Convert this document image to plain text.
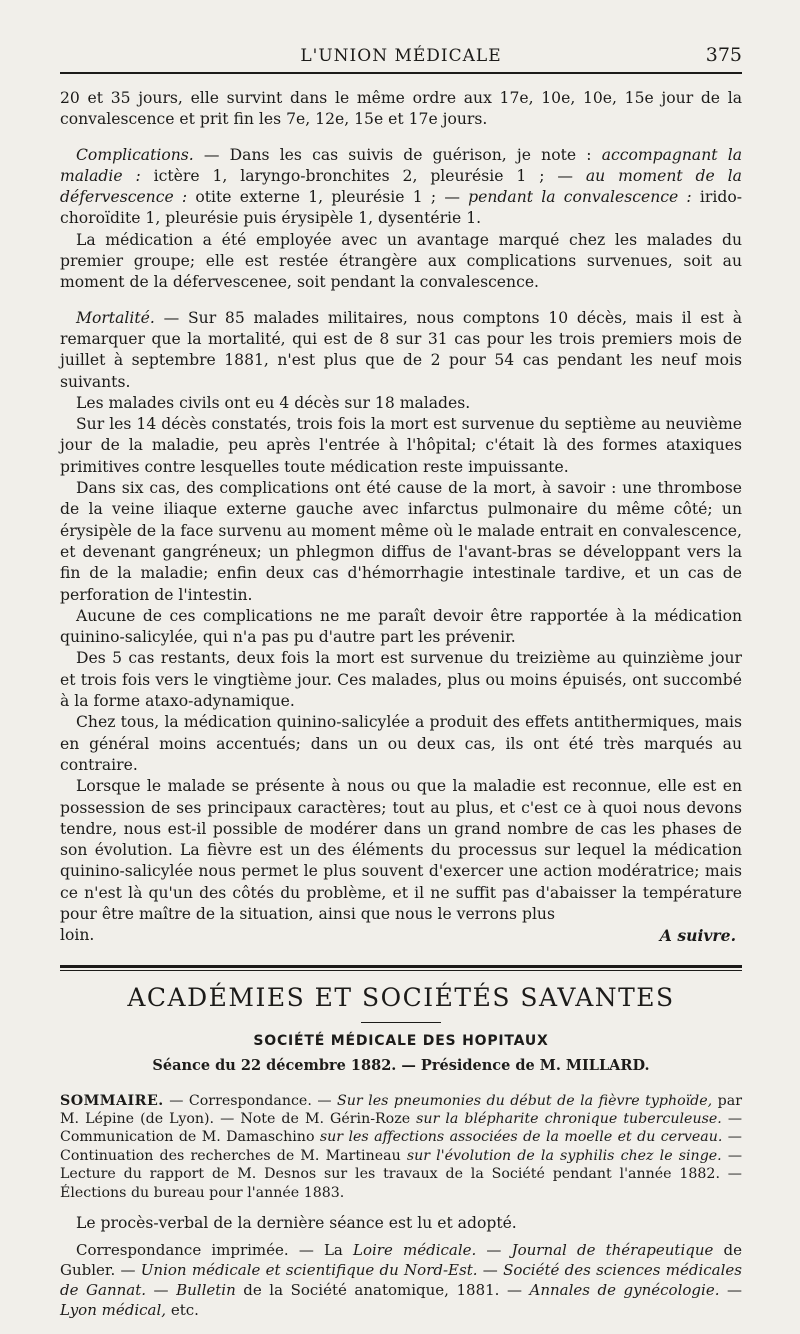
L'UNION MÉDICALE	375

20 et 35 jours, elle survint dans le même ordre aux 17e, 10e, 10e, 15e jour de la convalescence et prit fin les 7e, 12e, 15e et 17e jours.

Complications. — Dans les cas suivis de guérison, je note : accompagnant la maladie : ictère 1, laryngo-bronchites 2, pleurésie 1 ; — au moment de la défervescence : otite externe 1, pleurésie 1 ; — pendant la convalescence : irido-choroïdite 1, pleurésie puis érysipèle 1, dysentérie 1.

La médication a été employée avec un avantage marqué chez les malades du premier groupe; elle est restée étrangère aux complications survenues, soit au moment de la défervescenee, soit pendant la convalescence.

Mortalité. — Sur 85 malades militaires, nous comptons 10 décès, mais il est à remarquer que la mortalité, qui est de 8 sur 31 cas pour les trois premiers mois de juillet à septembre 1881, n'est plus que de 2 pour 54 cas pendant les neuf mois suivants.

Les malades civils ont eu 4 décès sur 18 malades.

Sur les 14 décès constatés, trois fois la mort est survenue du septième au neuvième jour de la maladie, peu après l'entrée à l'hôpital; c'était là des formes ataxiques primitives contre lesquelles toute médication reste impuissante.

Dans six cas, des complications ont été cause de la mort, à savoir : une thrombose de la veine iliaque externe gauche avec infarctus pulmonaire du même côté; un érysipèle de la face survenu au moment même où le malade entrait en convalescence, et devenant gangréneux; un phlegmon diffus de l'avant-bras se développant vers la fin de la maladie; enfin deux cas d'hémorrhagie intestinale tardive, et un cas de perforation de l'intestin.

Aucune de ces complications ne me paraît devoir être rapportée à la médication quinino-salicylée, qui n'a pas pu d'autre part les prévenir.

Des 5 cas restants, deux fois la mort est survenue du treizième au quinzième jour et trois fois vers le vingtième jour. Ces malades, plus ou moins épuisés, ont succombé à la forme ataxo-adynamique.

Chez tous, la médication quinino-salicylée a produit des effets antithermiques, mais en général moins accentués; dans un ou deux cas, ils ont été très marqués au contraire.

Lorsque le malade se présente à nous ou que la maladie est reconnue, elle est en possession de ses principaux caractères; tout au plus, et c'est ce à quoi nous devons tendre, nous est-il possible de modérer dans un grand nombre de cas les phases de son évolution. La fièvre est un des éléments du processus sur lequel la médication quinino-salicylée nous permet le plus souvent d'exercer une action modératrice; mais ce n'est là qu'un des côtés du problème, et il ne suffit pas d'abaisser la température pour être maître de la situation, ainsi que nous le verrons plus

loin.	A suivre.
ACADÉMIES ET SOCIÉTÉS SAVANTES
SOCIÉTÉ MÉDICALE DES HOPITAUX
Séance du 22 décembre 1882. — Présidence de M. MILLARD.
SOMMAIRE. — Correspondance. — Sur les pneumonies du début de la fièvre typhoïde, par M. Lépine (de Lyon). — Note de M. Gérin-Roze sur la blépharite chronique tuberculeuse. — Communication de M. Damaschino sur les affections associées de la moelle et du cerveau. — Continuation des recherches de M. Martineau sur l'évolution de la syphilis chez le singe. — Lecture du rapport de M. Desnos sur les travaux de la Société pendant l'année 1882. — Élections du bureau pour l'année 1883.
Le procès-verbal de la dernière séance est lu et adopté.
Correspondance imprimée. — La Loire médicale. — Journal de thérapeutique de Gubler. — Union médicale et scientifique du Nord-Est. — Société des sciences médicales de Gannat. — Bulletin de la Société anatomique, 1881. — Annales de gynécologie. — Lyon médical, etc.
